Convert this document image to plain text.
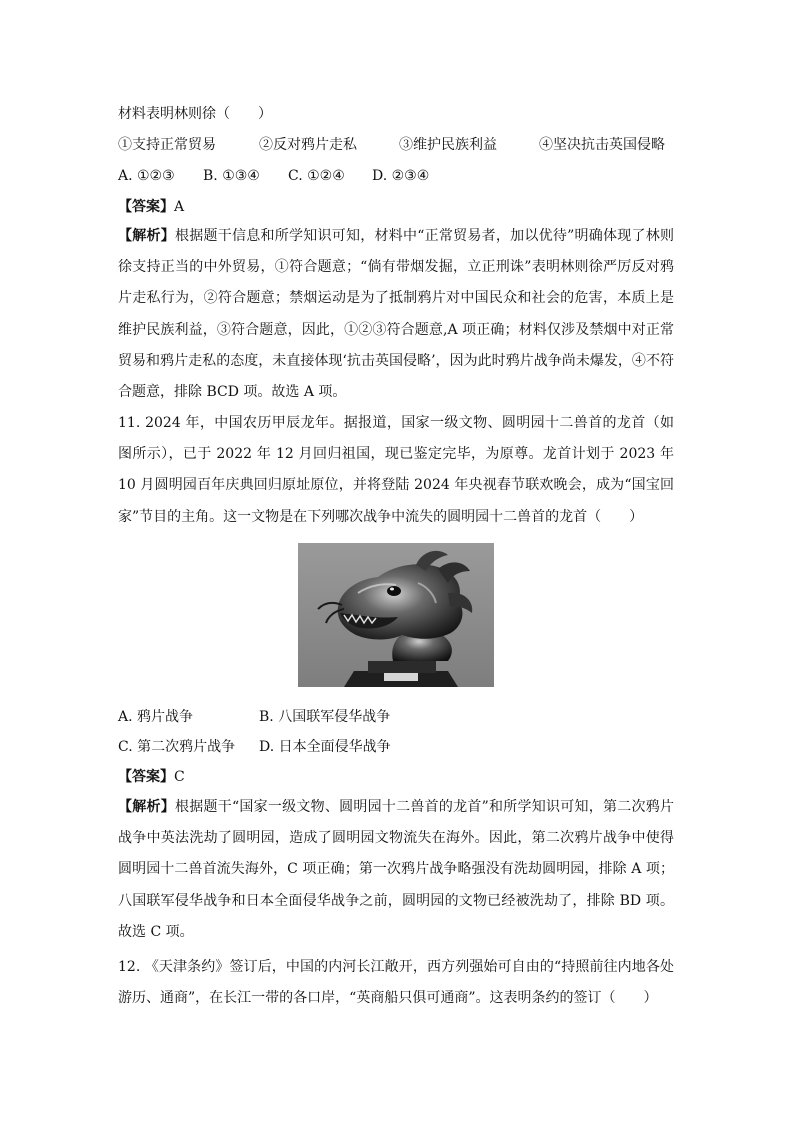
材料表明林则徐（　　）
①支持正常贸易	②反对鸦片走私	③维护民族利益	④坚决抗击英国侵略
A. ①②③ B. ①③④ C. ①②④ D. ②③④
【答案】A
【解析】根据题干信息和所学知识可知，材料中“正常贸易者，加以优待”明确体现了林则徐支持正当的中外贸易，①符合题意；“倘有带烟发掘，立正刑诛”表明林则徐严厉反对鸦片走私行为，②符合题意；禁烟运动是为了抵制鸦片对中国民众和社会的危害，本质上是维护民族利益，③符合题意，因此，①②③符合题意,A 项正确；材料仅涉及禁烟中对正常贸易和鸦片走私的态度，未直接体现‘抗击英国侵略’，因为此时鸦片战争尚未爆发，④不符合题意，排除 BCD 项。故选 A 项。
11. 2024 年，中国农历甲辰龙年。据报道，国家一级文物、圆明园十二兽首的龙首（如图所示），已于 2022 年 12 月回归祖国，现已鉴定完毕，为原尊。龙首计划于 2023 年 10 月圆明园百年庆典回归原址原位，并将登陆 2024 年央视春节联欢晚会，成为“国宝回家”节目的主角。这一文物是在下列哪次战争中流失的圆明园十二兽首的龙首（　　）
A. 鸦片战争	B. 八国联军侵华战争
C. 第二次鸦片战争 D. 日本全面侵华战争
【答案】C
【解析】根据题干“国家一级文物、圆明园十二兽首的龙首”和所学知识可知，第二次鸦片战争中英法洗劫了圆明园，造成了圆明园文物流失在海外。因此，第二次鸦片战争中使得圆明园十二兽首流失海外，C 项正确；第一次鸦片战争略强没有洗劫圆明园，排除 A 项；八国联军侵华战争和日本全面侵华战争之前，圆明园的文物已经被洗劫了，排除 BD 项。故选 C 项。
12. 《天津条约》签订后，中国的内河长江敞开，西方列强始可自由的“持照前往内地各处游历、通商”，在长江一带的各口岸，“英商船只俱可通商”。这表明条约的签订（　　）
